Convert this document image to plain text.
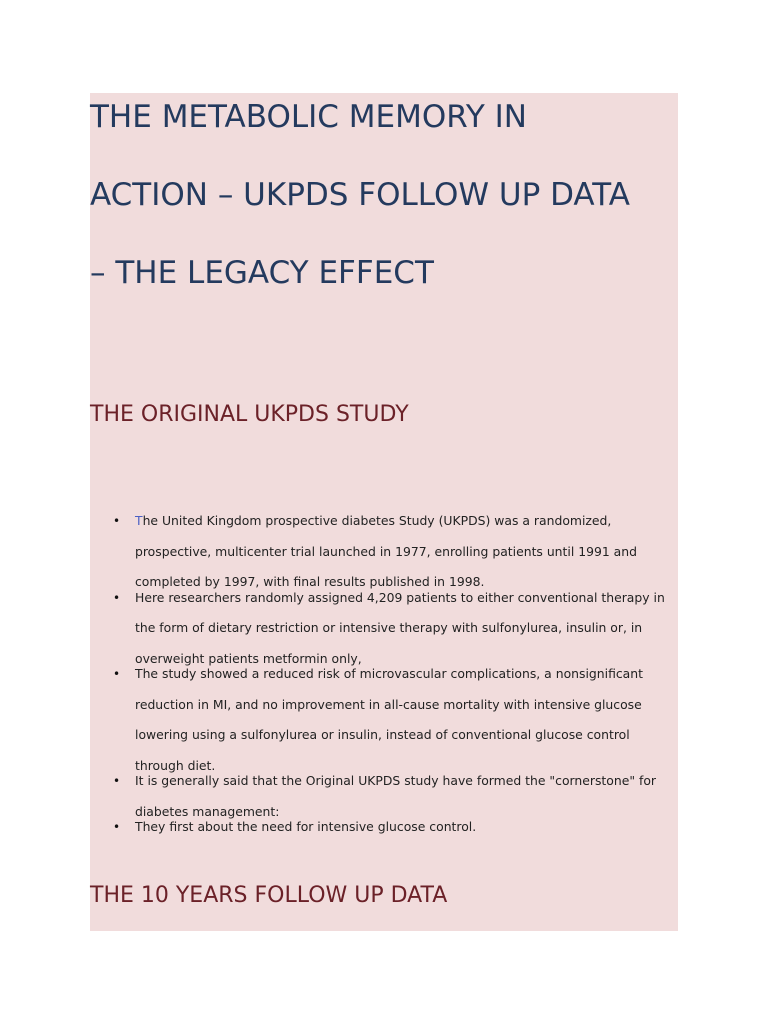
THE METABOLIC MEMORY IN
ACTION – UKPDS FOLLOW UP DATA
– THE LEGACY EFFECT
THE ORIGINAL UKPDS STUDY
• The United Kingdom prospective diabetes Study (UKPDS) was a randomized, prospective, multicenter trial launched in 1977, enrolling patients until 1991 and completed by 1997, with final results published in 1998.
• Here researchers randomly assigned 4,209 patients to either conventional therapy in the form of dietary restriction or intensive therapy with sulfonylurea, insulin or, in overweight patients metformin only,
• The study showed a reduced risk of microvascular complications, a nonsignificant reduction in MI, and no improvement in all-cause mortality with intensive glucose lowering using a sulfonylurea or insulin, instead of conventional glucose control through diet.
• It is generally said that the Original UKPDS study have formed the "cornerstone" for diabetes management:
• They first about the need for intensive glucose control.
THE 10 YEARS FOLLOW UP DATA
